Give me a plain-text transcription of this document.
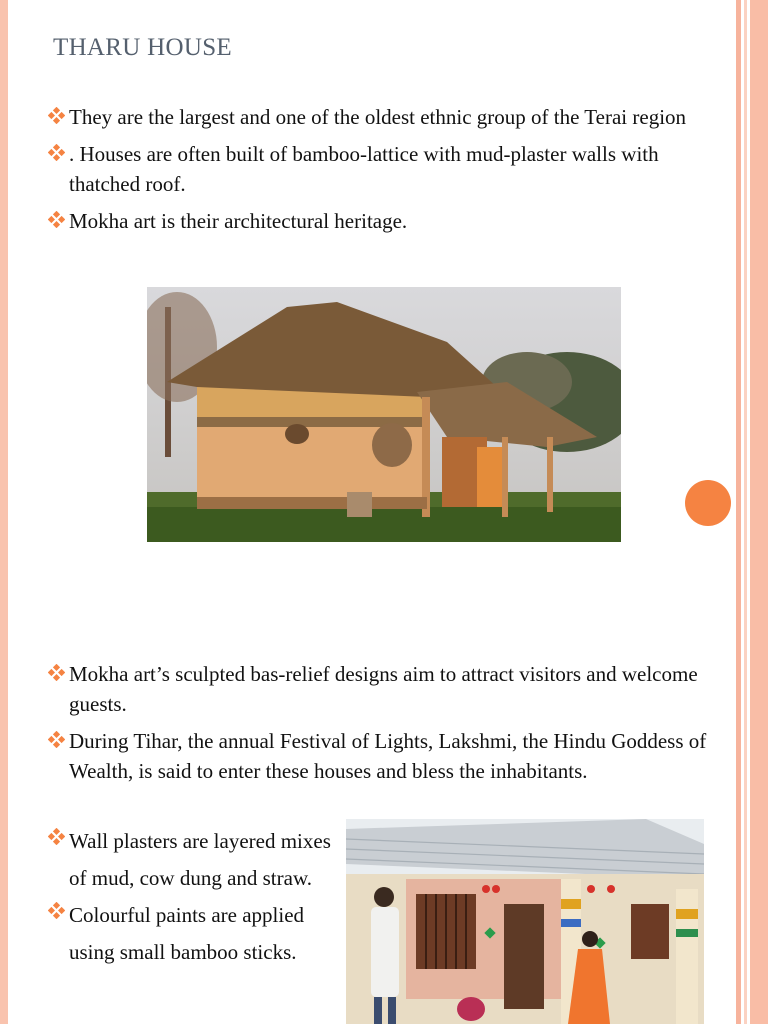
THARU HOUSE
They are the largest and one of the oldest ethnic group of the Terai region
. Houses are often built of bamboo-lattice with mud-plaster walls with thatched roof.
Mokha art is their architectural heritage.
Mokha art’s sculpted bas-relief designs aim to attract visitors and welcome guests.
During Tihar, the annual Festival of Lights, Lakshmi, the Hindu Goddess of Wealth, is said to enter these houses and bless the inhabitants.
Wall plasters are layered mixes of mud, cow dung and straw.
Colourful paints are applied using small bamboo sticks.
